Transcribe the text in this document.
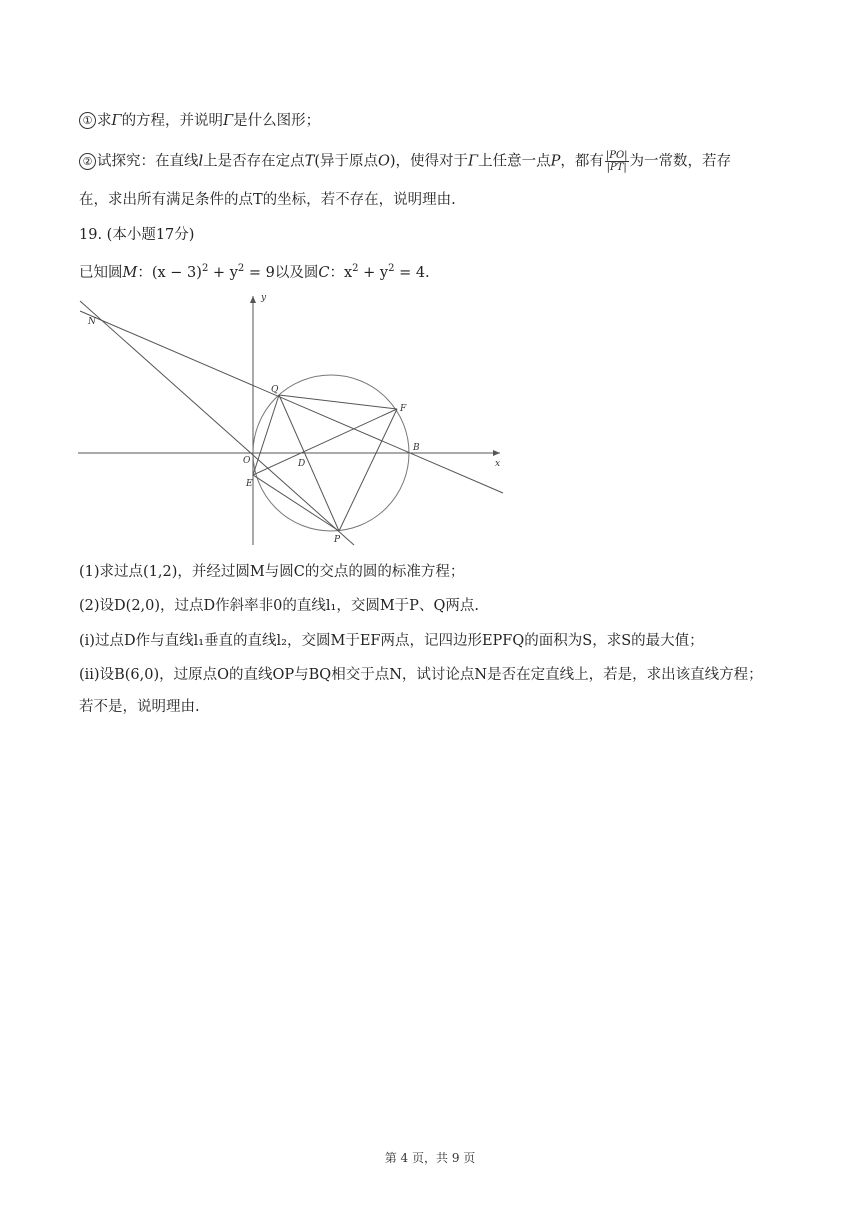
① 求Γ的方程，并说明Γ是什么图形；
② 试探究：在直线l上是否存在定点T(异于原点O)，使得对于Γ上任意一点P，都有 $\frac{|PO|}{|PT|}$ 为一常数，若存
在，求出所有满足条件的点T的坐标，若不存在，说明理由.
19. (本小题17分)
已知圆M：$(x - 3)^2 + y^2 = 9$以及圆C：$x^2 + y^2 = 4$.
x
y
O	D
B
Q
F
E
P
N
(1)求过点(1,2)，并经过圆M与圆C的交点的圆的标准方程；
(2)设D(2,0)，过点D作斜率非0的直线l₁，交圆M于P、Q两点.
(i)过点D作与直线l₁垂直的直线l₂，交圆M于EF两点，记四边形EPFQ的面积为S，求S的最大值；
(ii)设B(6,0)，过原点O的直线OP与BQ相交于点N，试讨论点N是否在定直线上，若是，求出该直线方程；
若不是，说明理由.
第 4 页，共 9 页
